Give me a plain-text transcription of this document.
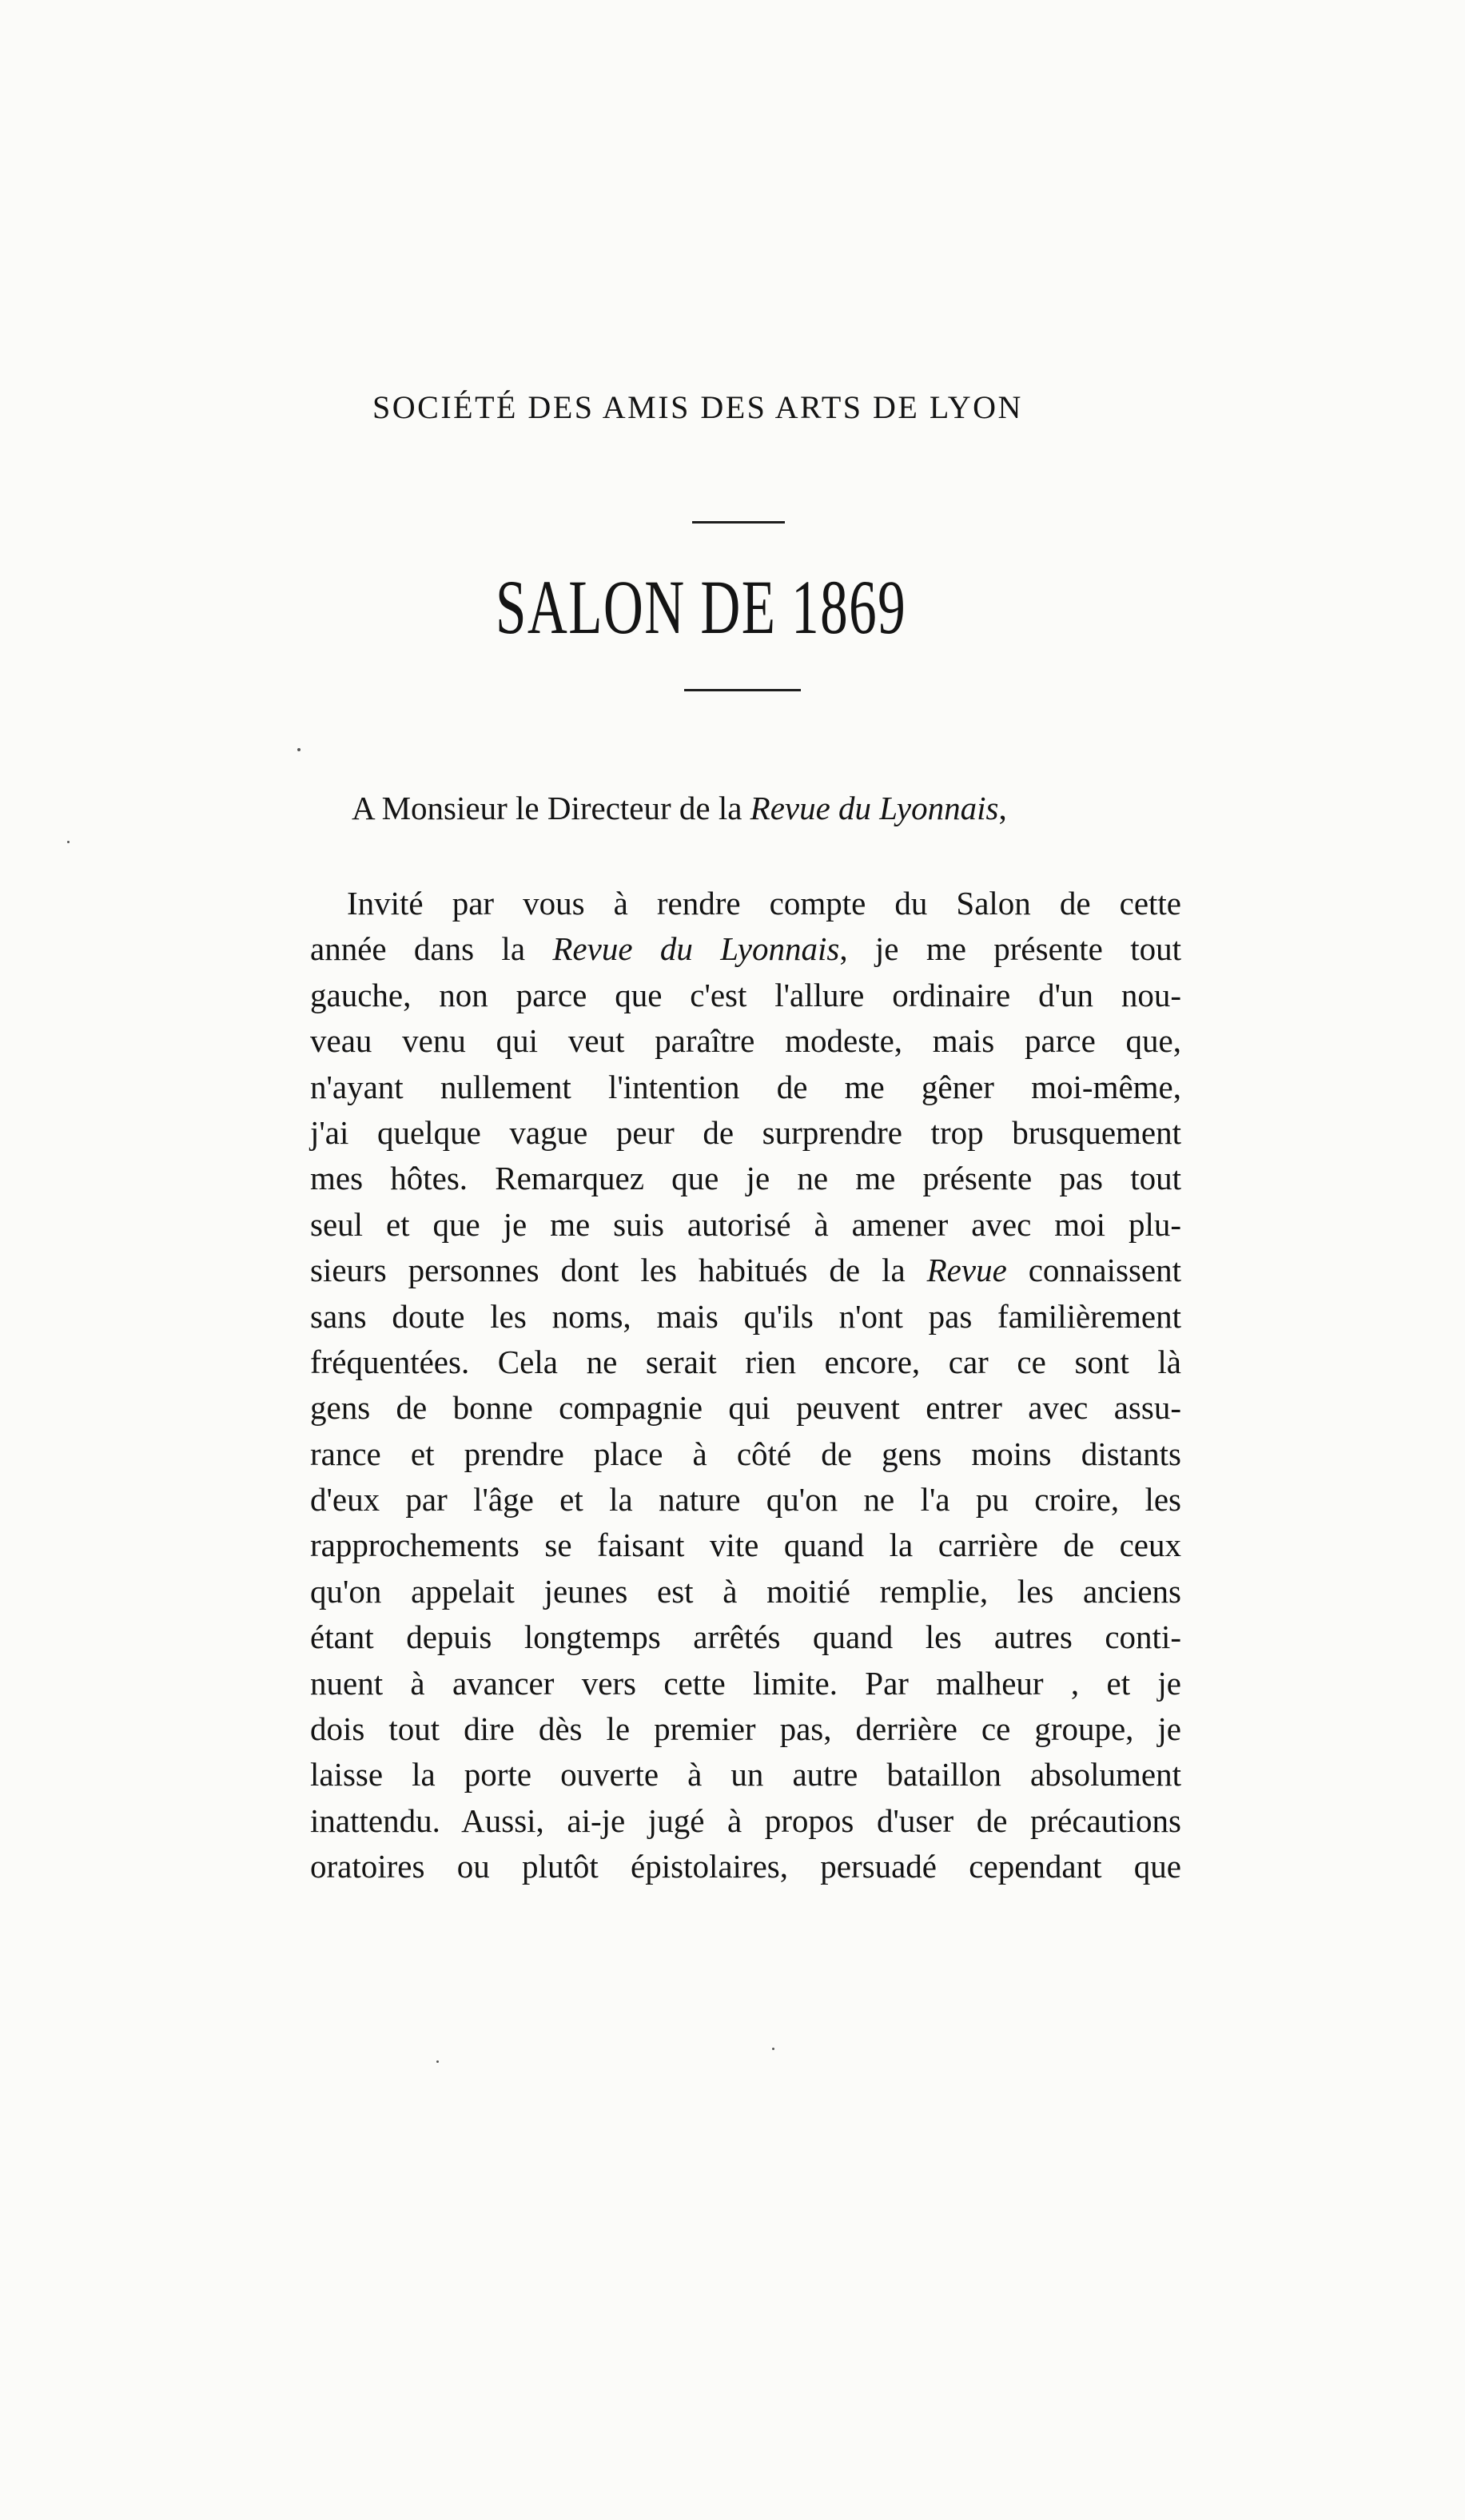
SOCIÉTÉ DES AMIS DES ARTS DE LYON
SALON DE 1869
A Monsieur le Directeur de la Revue du Lyonnais,
Invité par vous à rendre compte du Salon de cette
année dans la Revue du Lyonnais, je me présente tout
gauche, non parce que c'est l'allure ordinaire d'un nou-
veau venu qui veut paraître modeste, mais parce que,
n'ayant nullement l'intention de me gêner moi-même,
j'ai quelque vague peur de surprendre trop brusquement
mes hôtes. Remarquez que je ne me présente pas tout
seul et que je me suis autorisé à amener avec moi plu-
sieurs personnes dont les habitués de la Revue connaissent
sans doute les noms, mais qu'ils n'ont pas familièrement
fréquentées. Cela ne serait rien encore, car ce sont là
gens de bonne compagnie qui peuvent entrer avec assu-
rance et prendre place à côté de gens moins distants
d'eux par l'âge et la nature qu'on ne l'a pu croire, les
rapprochements se faisant vite quand la carrière de ceux
qu'on appelait jeunes est à moitié remplie, les anciens
étant depuis longtemps arrêtés quand les autres conti-
nuent à avancer vers cette limite. Par malheur , et je
dois tout dire dès le premier pas, derrière ce groupe, je
laisse la porte ouverte à un autre bataillon absolument
inattendu. Aussi, ai-je jugé à propos d'user de précautions
oratoires ou plutôt épistolaires, persuadé cependant que
